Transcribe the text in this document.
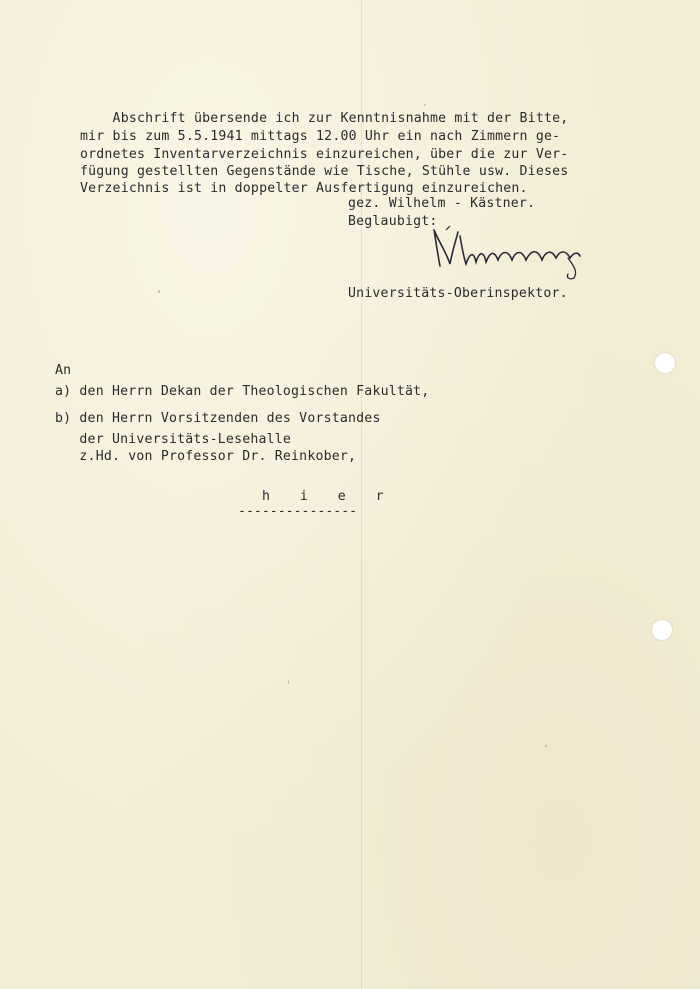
Abschrift übersende ich zur Kenntnisnahme mit der Bitte,
mir bis zum 5.5.1941 mittags 12.00 Uhr ein nach Zimmern ge-
ordnetes Inventarverzeichnis einzureichen, über die zur Ver-
fügung gestellten Gegenstände wie Tische, Stühle usw. Dieses
Verzeichnis ist in doppelter Ausfertigung einzureichen.
gez. Wilhelm - Kästner.
Beglaubigt:
Universitäts-Oberinspektor.
An
a) den Herrn Dekan der Theologischen Fakultät,
b) den Herrn Vorsitzenden des Vorstandes
der Universitäts-Lesehalle
z.Hd. von Professor Dr. Reinkober,
h i e r
---------------
